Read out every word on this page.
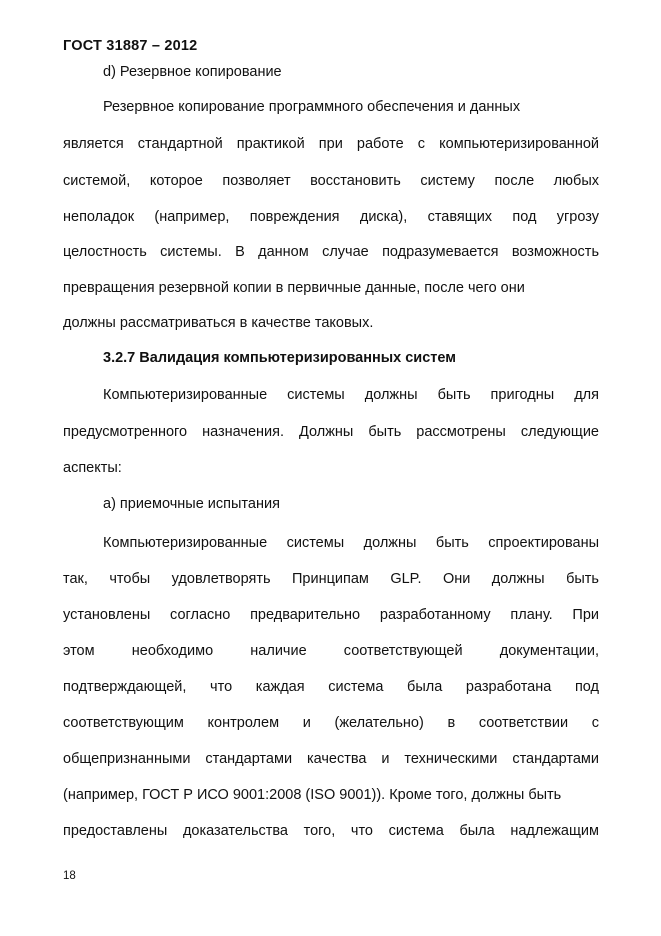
ГОСТ 31887 – 2012
d) Резервное копирование
Резервное копирование программного обеспечения и данных
является стандартной практикой при работе с компьютеризированной
системой, которое позволяет восстановить систему после любых
неполадок (например, повреждения диска), ставящих под угрозу
целостность системы. В данном случае подразумевается возможность
превращения резервной копии в первичные данные, после чего они
должны рассматриваться в качестве таковых.
3.2.7 Валидация компьютеризированных систем
Компьютеризированные системы должны быть пригодны для
предусмотренного назначения. Должны быть рассмотрены следующие
аспекты:
а) приемочные испытания
Компьютеризированные системы должны быть спроектированы
так, чтобы удовлетворять Принципам GLP. Они должны быть
установлены согласно предварительно разработанному плану. При
этом необходимо наличие соответствующей документации,
подтверждающей, что каждая система была разработана под
соответствующим контролем и (желательно) в соответствии с
общепризнанными стандартами качества и техническими стандартами
(например, ГОСТ Р ИСО 9001:2008 (ISO 9001)). Кроме того, должны быть
предоставлены доказательства того, что система была надлежащим
18
